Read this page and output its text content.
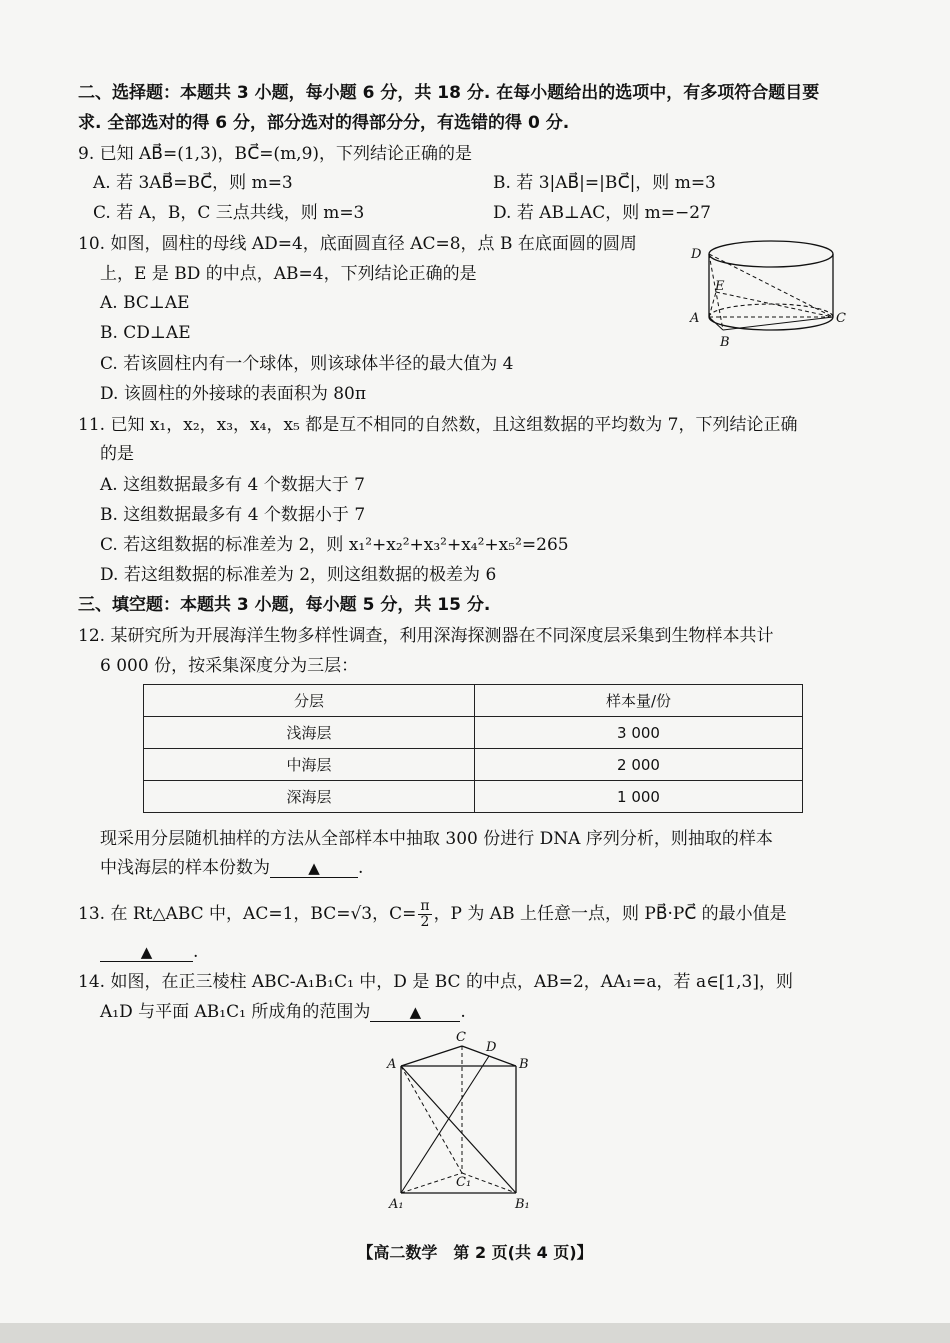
二、选择题：本题共 3 小题，每小题 6 分，共 18 分. 在每小题给出的选项中，有多项符合题目要
求. 全部选对的得 6 分，部分选对的得部分分，有选错的得 0 分.
9. 已知 AB⃗=(1,3)，BC⃗=(m,9)，下列结论正确的是
A. 若 3AB⃗=BC⃗，则 m=3	B. 若 3|AB⃗|=|BC⃗|，则 m=3
C. 若 A，B，C 三点共线，则 m=3	D. 若 AB⊥AC，则 m=−27
10. 如图，圆柱的母线 AD=4，底面圆直径 AC=8，点 B 在底面圆的圆周
上，E 是 BD 的中点，AB=4，下列结论正确的是
A. BC⊥AE
B. CD⊥AE
C. 若该圆柱内有一个球体，则该球体半径的最大值为 4
D. 该圆柱的外接球的表面积为 80π
D
E
A
B
C
11. 已知 x₁，x₂，x₃，x₄，x₅ 都是互不相同的自然数，且这组数据的平均数为 7，下列结论正确
的是
A. 这组数据最多有 4 个数据大于 7
B. 这组数据最多有 4 个数据小于 7
C. 若这组数据的标准差为 2，则 x₁²+x₂²+x₃²+x₄²+x₅²=265
D. 若这组数据的标准差为 2，则这组数据的极差为 6
三、填空题：本题共 3 小题，每小题 5 分，共 15 分.
12. 某研究所为开展海洋生物多样性调查，利用深海探测器在不同深度层采集到生物样本共计
6 000 份，按采集深度分为三层：
分层	样本量/份
浅海层	3 000
中海层	2 000
深海层	1 000
现采用分层随机抽样的方法从全部样本中抽取 300 份进行 DNA 序列分析，则抽取的样本
中浅海层的样本份数为	▲ .
13. 在 Rt△ABC 中，AC=1，BC=√3，$C= \frac{\pi}{2}$ ，P 为 AB 上任意一点，则 PB⃗·PC⃗ 的最小值是
▲ .
14. 如图，在正三棱柱 ABC-A₁B₁C₁ 中，D 是 BC 的中点，AB=2，AA₁=a，若 a∈[1,3]，则
A₁D 与平面 AB₁C₁ 所成角的范围为	▲ .
C
D
A	B
C₁
A₁	B₁
【高二数学　第 2 页(共 4 页)】
